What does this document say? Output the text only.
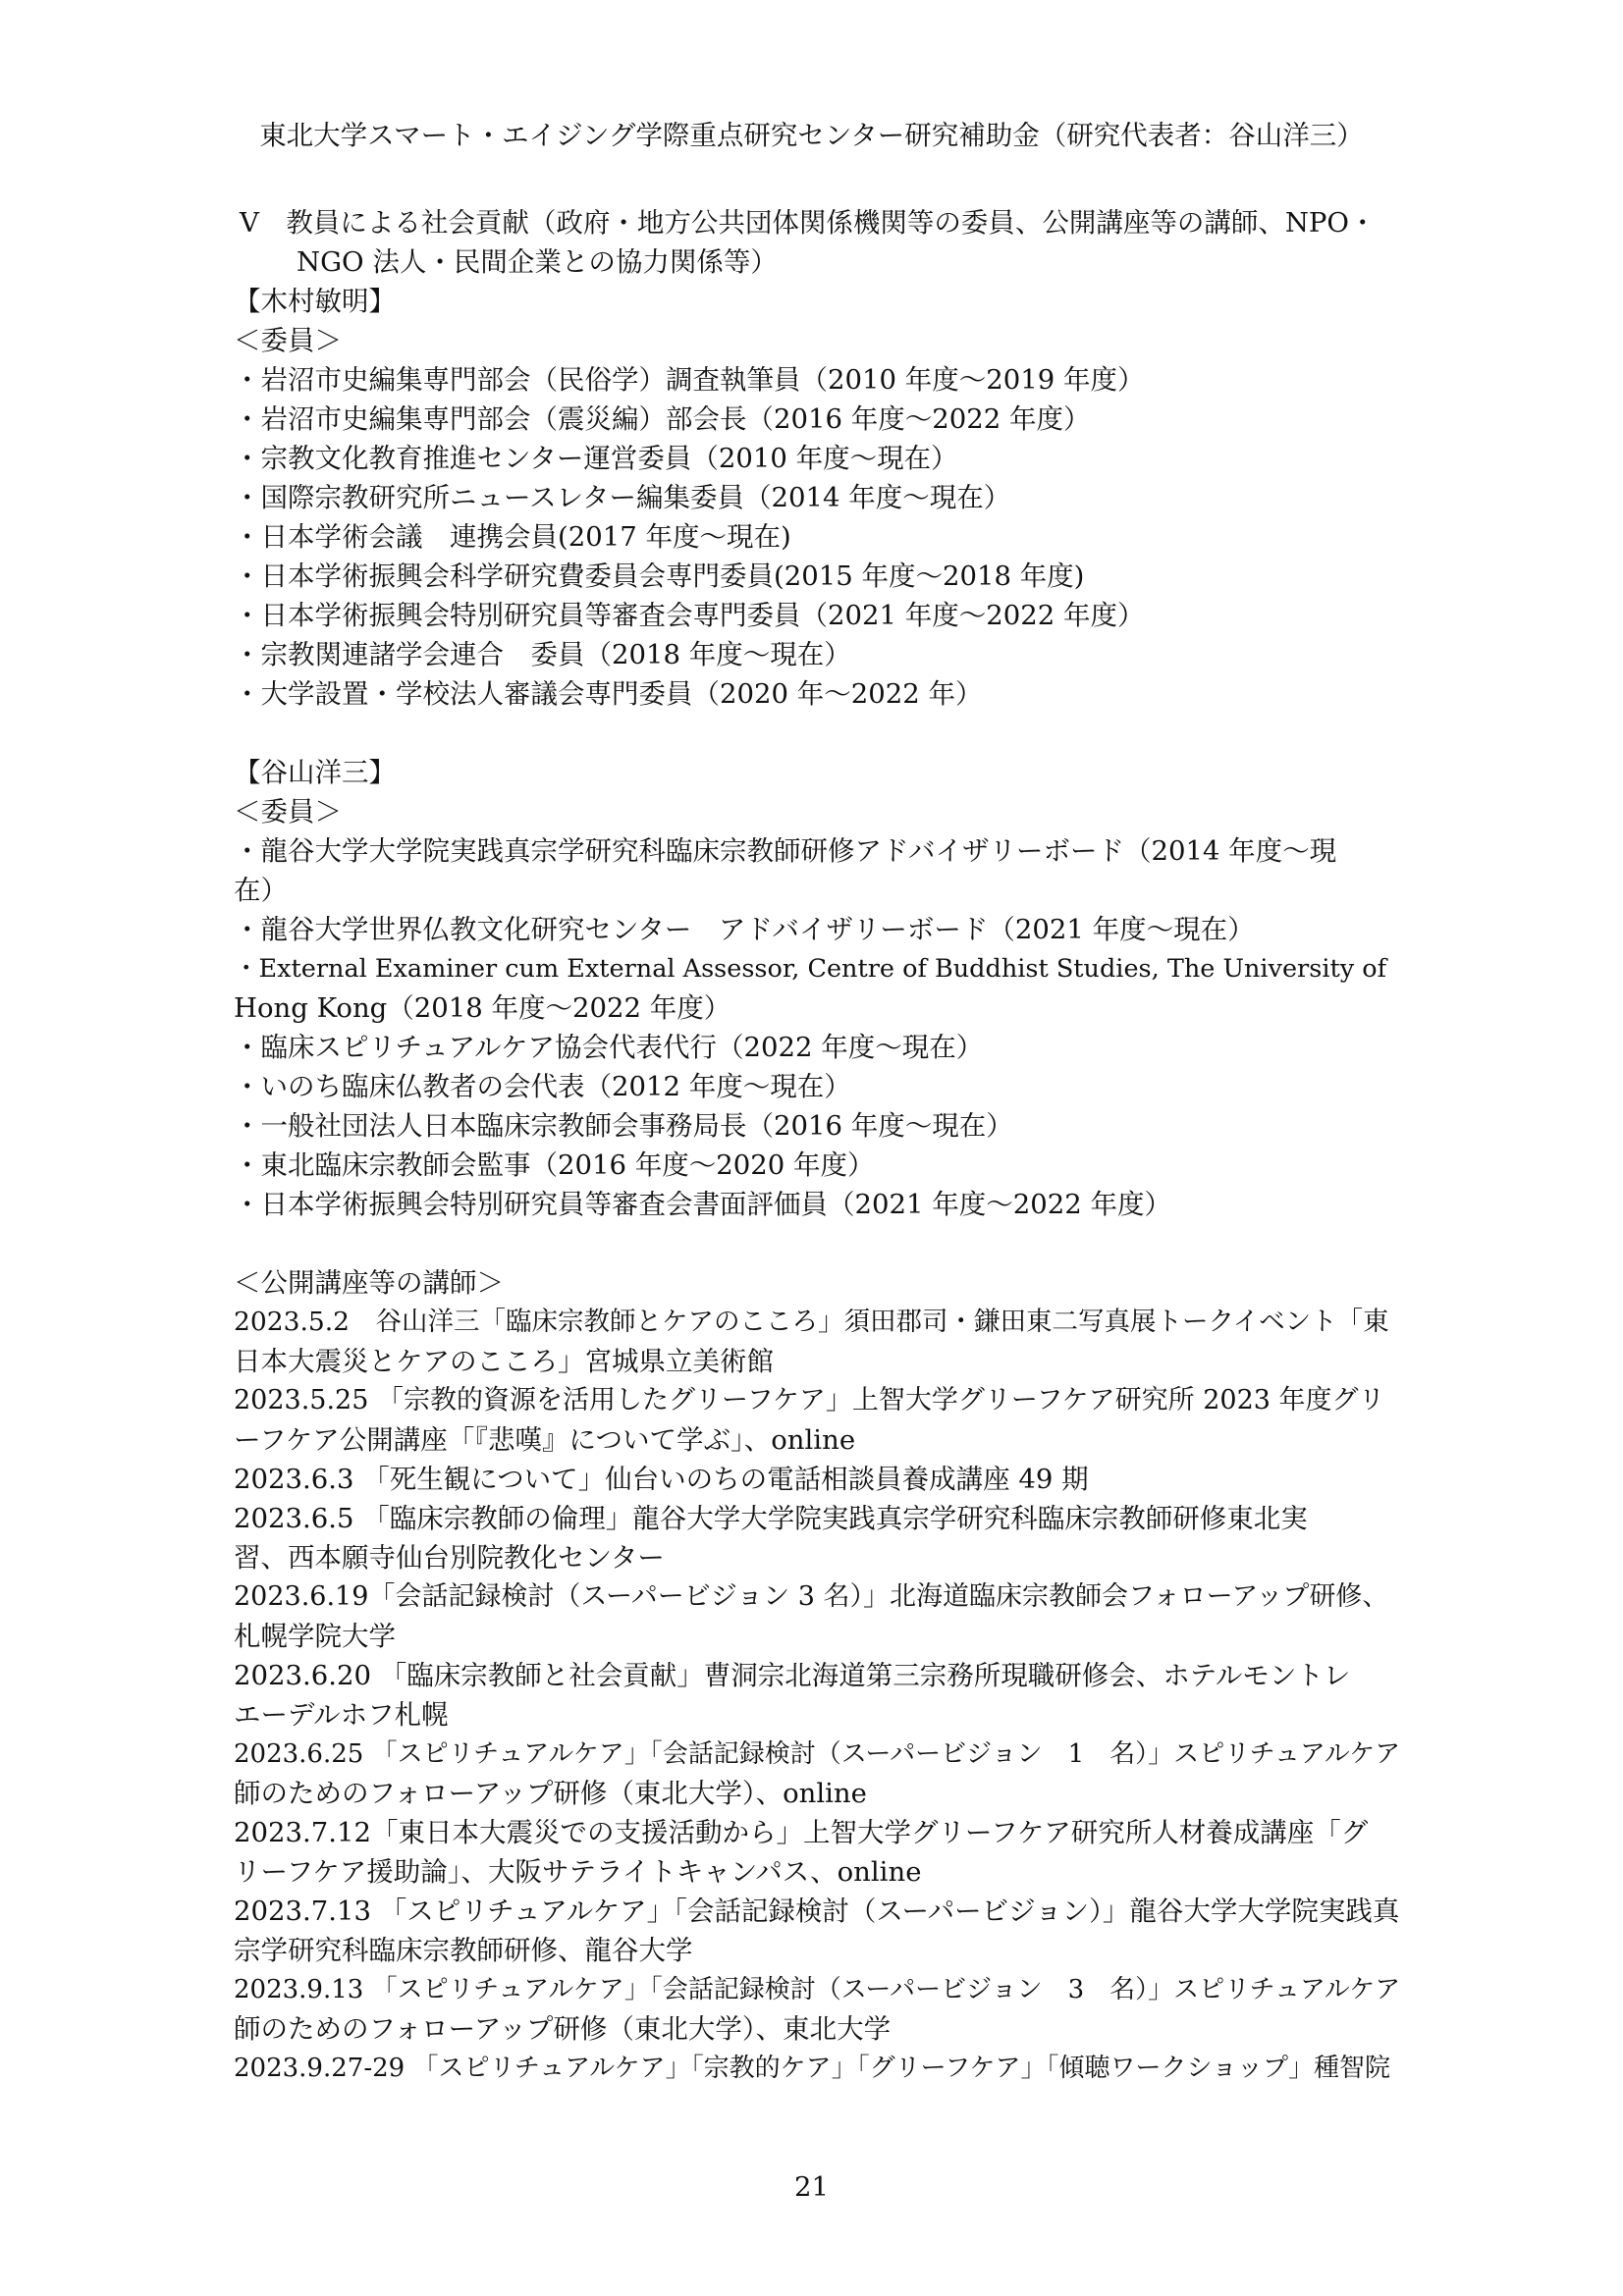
東北大学スマート・エイジング学際重点研究センター研究補助金（研究代表者：谷山洋三）
Ⅴ　教員による社会貢献（政府・地方公共団体関係機関等の委員、公開講座等の講師、NPO・
NGO 法人・民間企業との協力関係等）
【木村敏明】
＜委員＞
・岩沼市史編集専門部会（民俗学）調査執筆員（2010 年度～2019 年度）
・岩沼市史編集専門部会（震災編）部会長（2016 年度～2022 年度）
・宗教文化教育推進センター運営委員（2010 年度～現在）
・国際宗教研究所ニュースレター編集委員（2014 年度～現在）
・日本学術会議　連携会員(2017 年度～現在)
・日本学術振興会科学研究費委員会専門委員(2015 年度～2018 年度)
・日本学術振興会特別研究員等審査会専門委員（2021 年度～2022 年度）
・宗教関連諸学会連合　委員（2018 年度～現在）
・大学設置・学校法人審議会専門委員（2020 年～2022 年）
【谷山洋三】
＜委員＞
・龍谷大学大学院実践真宗学研究科臨床宗教師研修アドバイザリーボード（2014 年度～現
在）
・龍谷大学世界仏教文化研究センター　アドバイザリーボード（2021 年度～現在）
・External Examiner cum External Assessor, Centre of Buddhist Studies, The University of
Hong Kong（2018 年度～2022 年度）
・臨床スピリチュアルケア協会代表代行（2022 年度～現在）
・いのち臨床仏教者の会代表（2012 年度～現在）
・一般社団法人日本臨床宗教師会事務局長（2016 年度～現在）
・東北臨床宗教師会監事（2016 年度～2020 年度）
・日本学術振興会特別研究員等審査会書面評価員（2021 年度～2022 年度）
＜公開講座等の講師＞
2023.5.2　谷山洋三「臨床宗教師とケアのこころ」須田郡司・鎌田東二写真展トークイベント「東
日本大震災とケアのこころ」宮城県立美術館
2023.5.25 「宗教的資源を活用したグリーフケア」上智大学グリーフケア研究所 2023 年度グリ
ーフケア公開講座「『悲嘆』について学ぶ」、online
2023.6.3 「死生観について」仙台いのちの電話相談員養成講座 49 期
2023.6.5 「臨床宗教師の倫理」龍谷大学大学院実践真宗学研究科臨床宗教師研修東北実
習、西本願寺仙台別院教化センター
2023.6.19「会話記録検討（スーパービジョン 3 名）」北海道臨床宗教師会フォローアップ研修、
札幌学院大学
2023.6.20 「臨床宗教師と社会貢献」曹洞宗北海道第三宗務所現職研修会、ホテルモントレ
エーデルホフ札幌
2023.6.25 「スピリチュアルケア」「会話記録検討（スーパービジョン　1　名）」スピリチュアルケア
師のためのフォローアップ研修（東北大学）、online
2023.7.12「東日本大震災での支援活動から」上智大学グリーフケア研究所人材養成講座「グ
リーフケア援助論」、大阪サテライトキャンパス、online
2023.7.13 「スピリチュアルケア」「会話記録検討（スーパービジョン）」龍谷大学大学院実践真
宗学研究科臨床宗教師研修、龍谷大学
2023.9.13 「スピリチュアルケア」「会話記録検討（スーパービジョン　3　名）」スピリチュアルケア
師のためのフォローアップ研修（東北大学）、東北大学
2023.9.27-29 「スピリチュアルケア」「宗教的ケア」「グリーフケア」「傾聴ワークショップ」種智院
21
